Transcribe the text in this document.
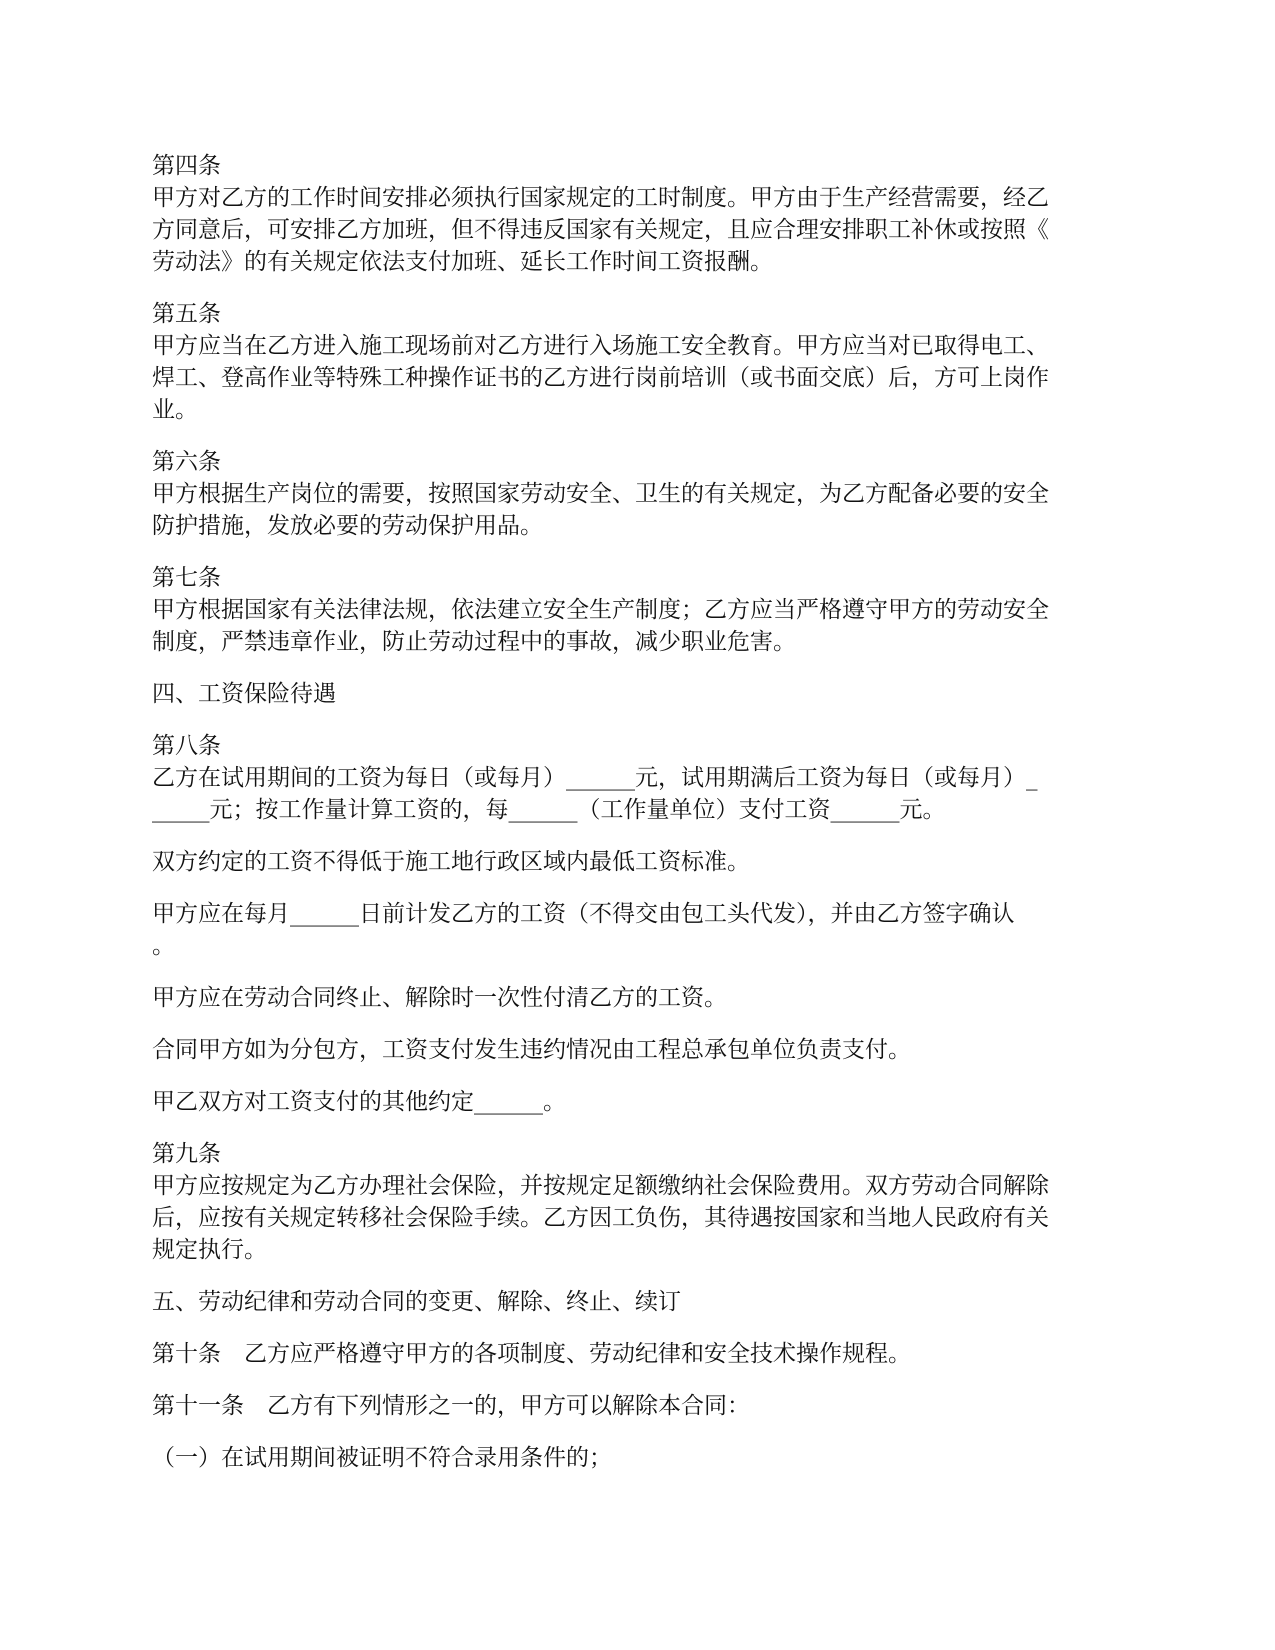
第四条
甲方对乙方的工作时间安排必须执行国家规定的工时制度。甲方由于生产经营需要，经乙
方同意后，可安排乙方加班，但不得违反国家有关规定，且应合理安排职工补休或按照《
劳动法》的有关规定依法支付加班、延长工作时间工资报酬。
第五条
甲方应当在乙方进入施工现场前对乙方进行入场施工安全教育。甲方应当对已取得电工、
焊工、登高作业等特殊工种操作证书的乙方进行岗前培训（或书面交底）后，方可上岗作
业。
第六条
甲方根据生产岗位的需要，按照国家劳动安全、卫生的有关规定，为乙方配备必要的安全
防护措施，发放必要的劳动保护用品。
第七条
甲方根据国家有关法律法规，依法建立安全生产制度；乙方应当严格遵守甲方的劳动安全
制度，严禁违章作业，防止劳动过程中的事故，减少职业危害。
四、工资保险待遇
第八条
乙方在试用期间的工资为每日（或每月）______元，试用期满后工资为每日（或每月）_
_____元；按工作量计算工资的，每______（工作量单位）支付工资______元。
双方约定的工资不得低于施工地行政区域内最低工资标准。
甲方应在每月______日前计发乙方的工资（不得交由包工头代发），并由乙方签字确认
。
甲方应在劳动合同终止、解除时一次性付清乙方的工资。
合同甲方如为分包方，工资支付发生违约情况由工程总承包单位负责支付。
甲乙双方对工资支付的其他约定______。
第九条
甲方应按规定为乙方办理社会保险，并按规定足额缴纳社会保险费用。双方劳动合同解除
后，应按有关规定转移社会保险手续。乙方因工负伤，其待遇按国家和当地人民政府有关
规定执行。
五、劳动纪律和劳动合同的变更、解除、终止、续订
第十条　乙方应严格遵守甲方的各项制度、劳动纪律和安全技术操作规程。
第十一条　乙方有下列情形之一的，甲方可以解除本合同：
（一）在试用期间被证明不符合录用条件的；
